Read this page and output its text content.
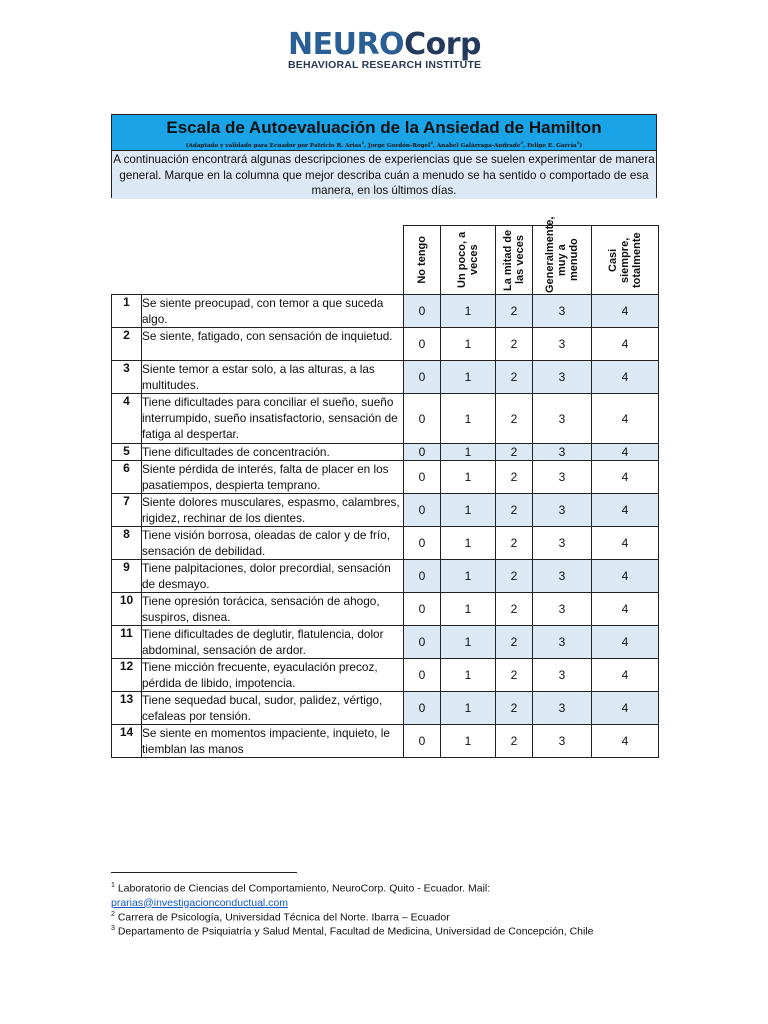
NEUROCorp
BEHAVIORAL RESEARCH INSTITUTE
Escala de Autoevaluación de la Ansiedad de Hamilton
(Adaptado y validado para Ecuador por Patricio R. Arias$^1$, Jorge Gordón-Rogel$^2$, Anabel Galárraga-Andrade$^3$, Felipe E. García$^3$)
A continuación encontrará algunas descripciones de experiencias que se suelen experimentar de manera general. Marque en la columna que mejor describa cuán a menudo se ha sentido o comportado de esa manera, en los últimos días.

		No tengo	Un poco, a veces	La mitad de las veces	Generalmente, muy a menudo	Casi siempre, totalmente

1	Se siente preocupad, con temor a que suceda algo.	0	1	2	3	4
2	Se siente, fatigado, con sensación de inquietud.	0	1	2	3	4
3	Siente temor a estar solo, a las alturas, a las multitudes.	0	1	2	3	4
4	Tiene dificultades para conciliar el sueño, sueño interrumpido, sueño insatisfactorio, sensación de fatiga al despertar.	0	1	2	3	4
5	Tiene dificultades de concentración.	0	1	2	3	4
6	Siente pérdida de interés, falta de placer en los pasatiempos, despierta temprano.	0	1	2	3	4
7	Siente dolores musculares, espasmo, calambres, rigidez, rechinar de los dientes.	0	1	2	3	4
8	Tiene visión borrosa, oleadas de calor y de frío, sensación de debilidad.	0	1	2	3	4
9	Tiene palpitaciones, dolor precordial, sensación de desmayo.	0	1	2	3	4
10	Tiene opresión torácica, sensación de ahogo, suspiros, disnea.	0	1	2	3	4
11	Tiene dificultades de deglutir, flatulencia, dolor abdominal, sensación de ardor.	0	1	2	3	4
12	Tiene micción frecuente, eyaculación precoz, pérdida de libido, impotencia.	0	1	2	3	4
13	Tiene sequedad bucal, sudor, palidez, vértigo, cefaleas por tensión.	0	1	2	3	4
14	Se siente en momentos impaciente, inquieto, le tiemblan las manos	0	1	2	3	4
$^1$ Laboratorio de Ciencias del Comportamiento, NeuroCorp. Quito - Ecuador. Mail:
prarias@investigacionconductual.com
$^2$ Carrera de Psicología, Universidad Técnica del Norte. Ibarra – Ecuador
$^3$ Departamento de Psiquiatría y Salud Mental, Facultad de Medicina, Universidad de Concepción, Chile
